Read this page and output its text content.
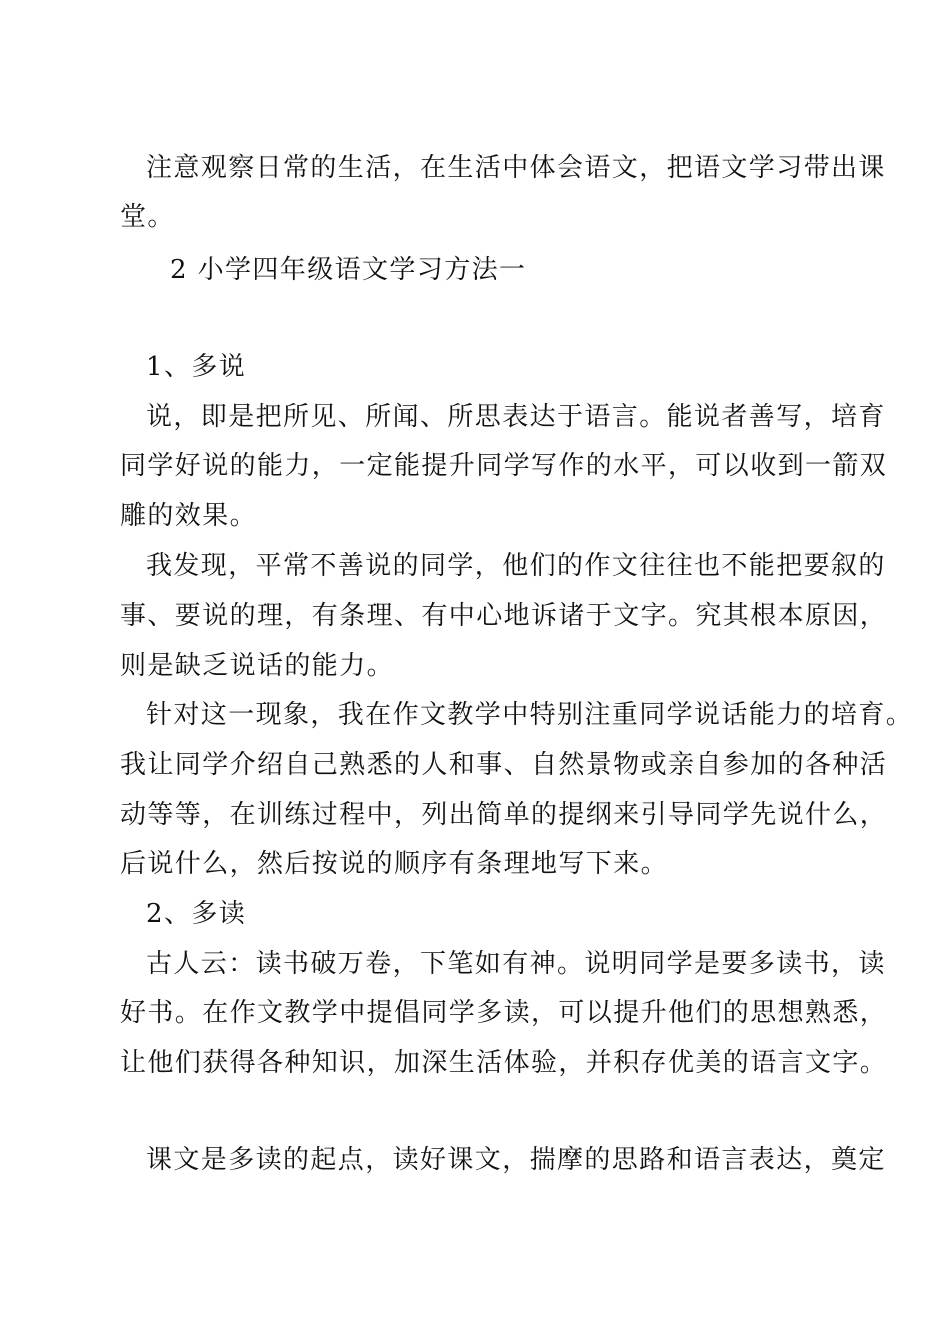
注意观察日常的生活，在生活中体会语文，把语文学习带出课
堂。
2 小学四年级语文学习方法一
1、多说
说，即是把所见、所闻、所思表达于语言。能说者善写，培育
同学好说的能力，一定能提升同学写作的水平，可以收到一箭双
雕的效果。
我发现，平常不善说的同学，他们的作文往往也不能把要叙的
事、要说的理，有条理、有中心地诉诸于文字。究其根本原因，
则是缺乏说话的能力。
针对这一现象，我在作文教学中特别注重同学说话能力的培育。
我让同学介绍自己熟悉的人和事、自然景物或亲自参加的各种活
动等等，在训练过程中，列出简单的提纲来引导同学先说什么，
后说什么，然后按说的顺序有条理地写下来。
2、多读
古人云：读书破万卷，下笔如有神。说明同学是要多读书，读
好书。在作文教学中提倡同学多读，可以提升他们的思想熟悉，
让他们获得各种知识，加深生活体验，并积存优美的语言文字。
课文是多读的起点，读好课文，揣摩的思路和语言表达，奠定
